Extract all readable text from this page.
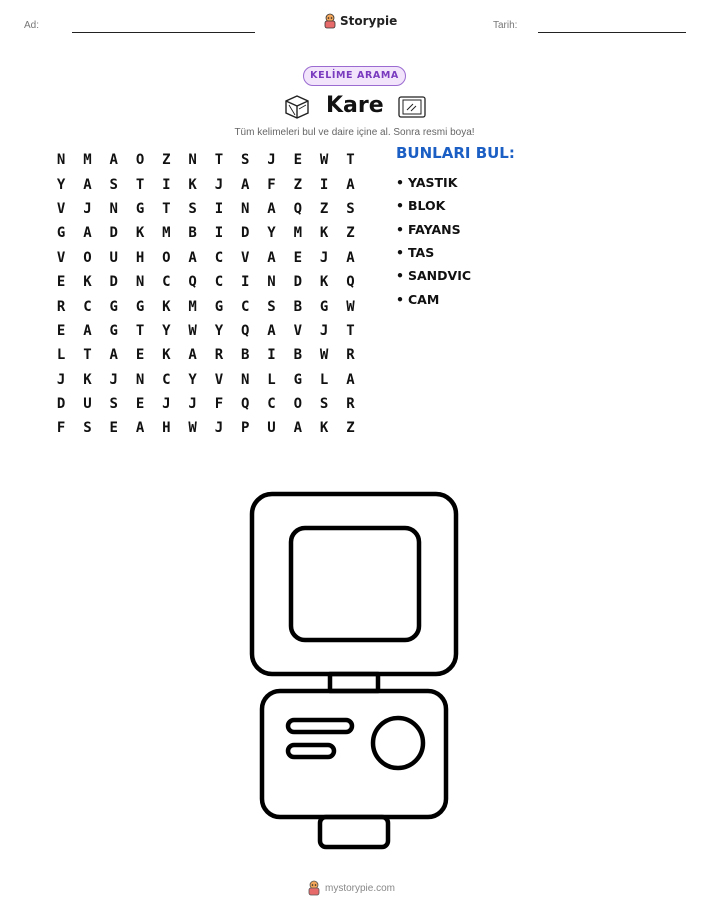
Ad:	Storypie	Tarih:
KELİME ARAMA
Kare
Tüm kelimeleri bul ve daire içine al. Sonra resmi boya!
N	M	A	O	Z	N	T	S	J	E	W	T
Y	A	S	T	I	K	J	A	F	Z	I	A
V	J	N	G	T	S	I	N	A	Q	Z	S
G	A	D	K	M	B	I	D	Y	M	K	Z
V	O	U	H	O	A	C	V	A	E	J	A
E	K	D	N	C	Q	C	I	N	D	K	Q
R	C	G	G	K	M	G	C	S	B	G	W
E	A	G	T	Y	W	Y	Q	A	V	J	T
L	T	A	E	K	A	R	B	I	B	W	R
J	K	J	N	C	Y	V	N	L	G	L	A
D	U	S	E	J	J	F	Q	C	O	S	R
F	S	E	A	H	W	J	P	U	A	K	Z
BUNLARI BUL:
• YASTIK
• BLOK
• FAYANS
• TAS
• SANDVIC
• CAM
mystorypie.com
